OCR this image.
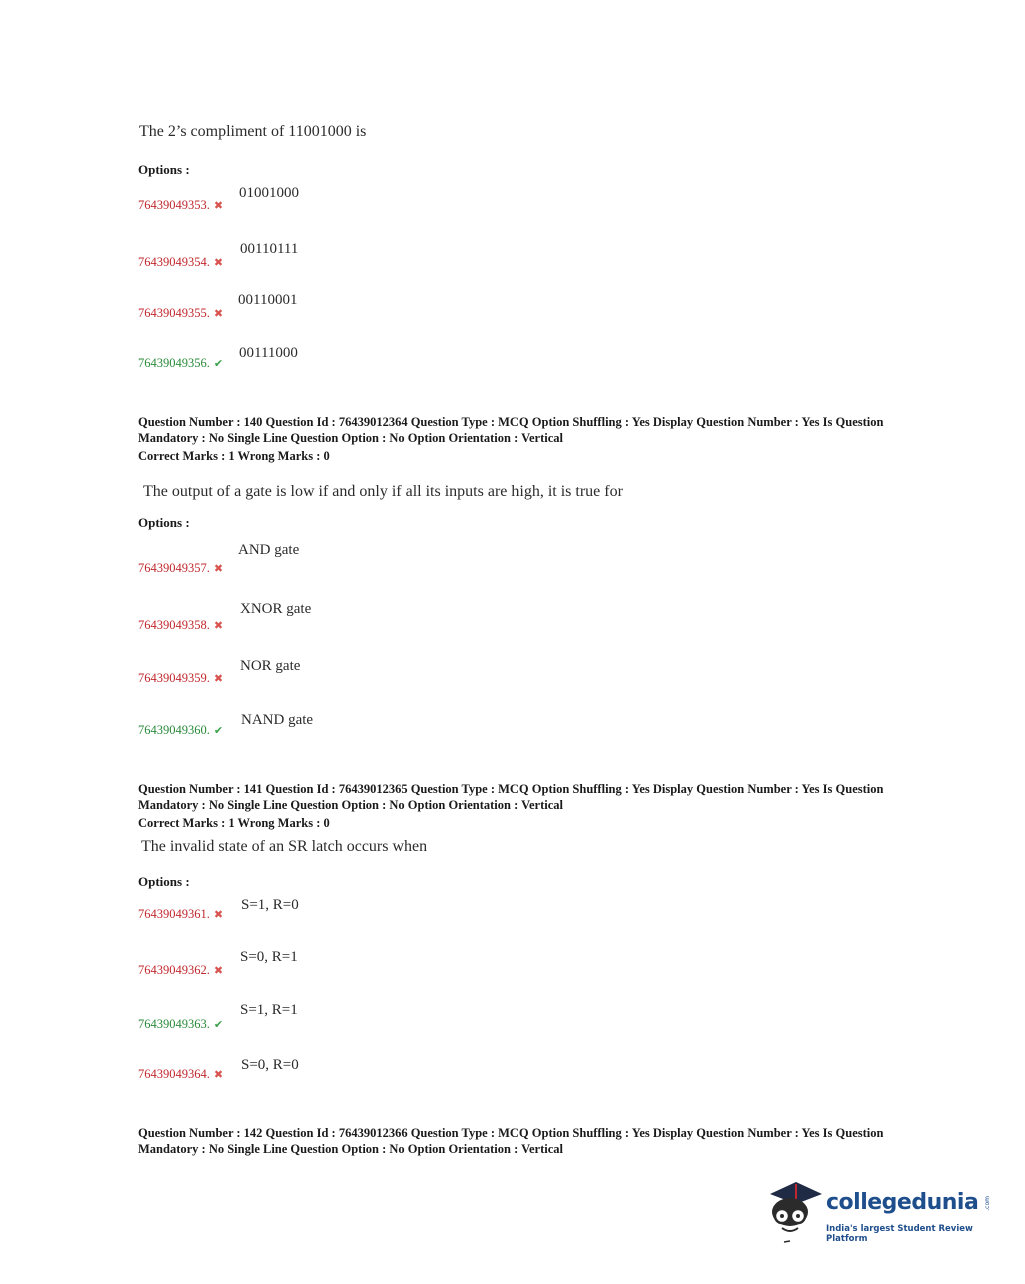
The 2’s compliment of 11001000 is
Options :
01001000
76439049353. ✖
00110111
76439049354. ✖
00110001
76439049355. ✖
00111000
76439049356. ✔
Question Number : 140 Question Id : 76439012364 Question Type : MCQ Option Shuffling : Yes Display Question Number : Yes Is Question Mandatory : No Single Line Question Option : No Option Orientation : Vertical
Correct Marks : 1 Wrong Marks : 0
The output of a gate is low if and only if all its inputs are high, it is true for
Options :
AND gate
76439049357. ✖
XNOR gate
76439049358. ✖
NOR gate
76439049359. ✖
NAND gate
76439049360. ✔
Question Number : 141 Question Id : 76439012365 Question Type : MCQ Option Shuffling : Yes Display Question Number : Yes Is Question Mandatory : No Single Line Question Option : No Option Orientation : Vertical
Correct Marks : 1 Wrong Marks : 0
The invalid state of an SR latch occurs when
Options :
S=1, R=0
76439049361. ✖
S=0, R=1
76439049362. ✖
S=1, R=1
76439049363. ✔
S=0, R=0
76439049364. ✖
Question Number : 142 Question Id : 76439012366 Question Type : MCQ Option Shuffling : Yes Display Question Number : Yes Is Question Mandatory : No Single Line Question Option : No Option Orientation : Vertical
collegedunia .com
India's largest Student Review Platform
